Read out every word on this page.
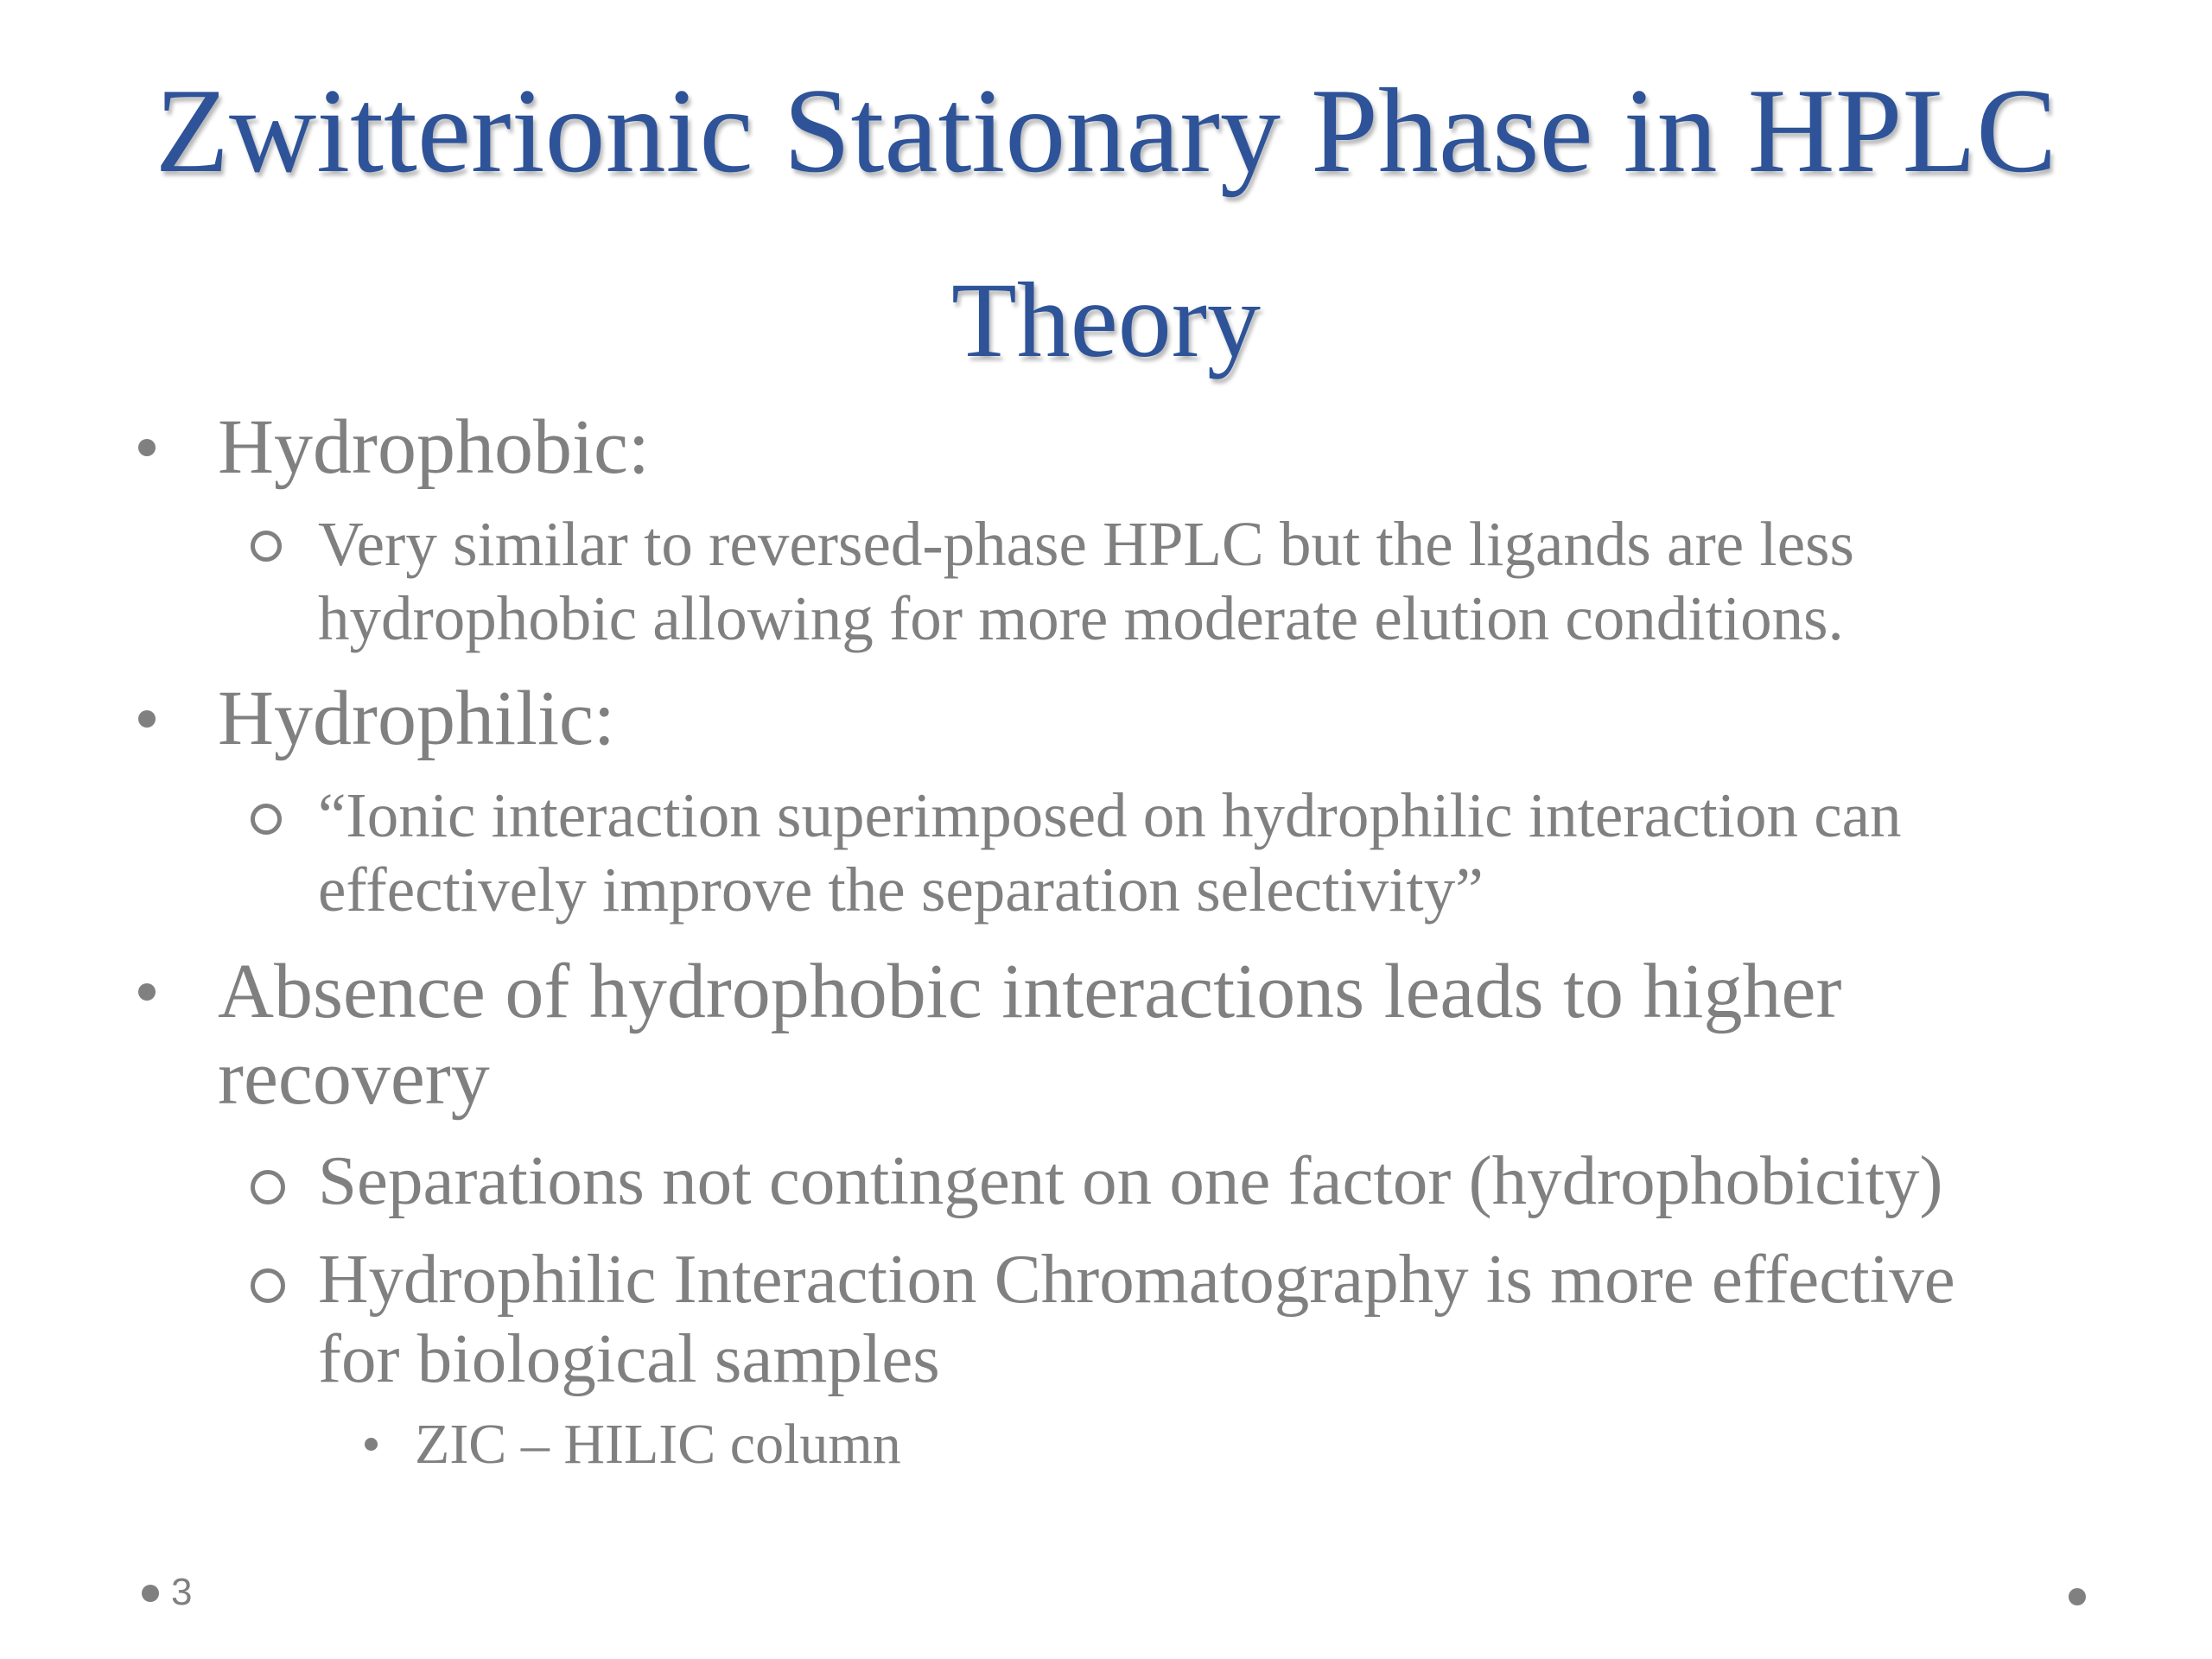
Zwitterionic Stationary Phase in HPLC
Theory
Hydrophobic:
Very similar to reversed-phase HPLC but the ligands are less
hydrophobic allowing for more moderate elution conditions.
Hydrophilic:
“Ionic interaction superimposed on hydrophilic interaction can
effectively improve the separation selectivity”
Absence of hydrophobic interactions leads to higher
recovery
Separations not contingent on one factor (hydrophobicity)
Hydrophilic Interaction Chromatography is more effective
for biological samples
ZIC – HILIC column
3
